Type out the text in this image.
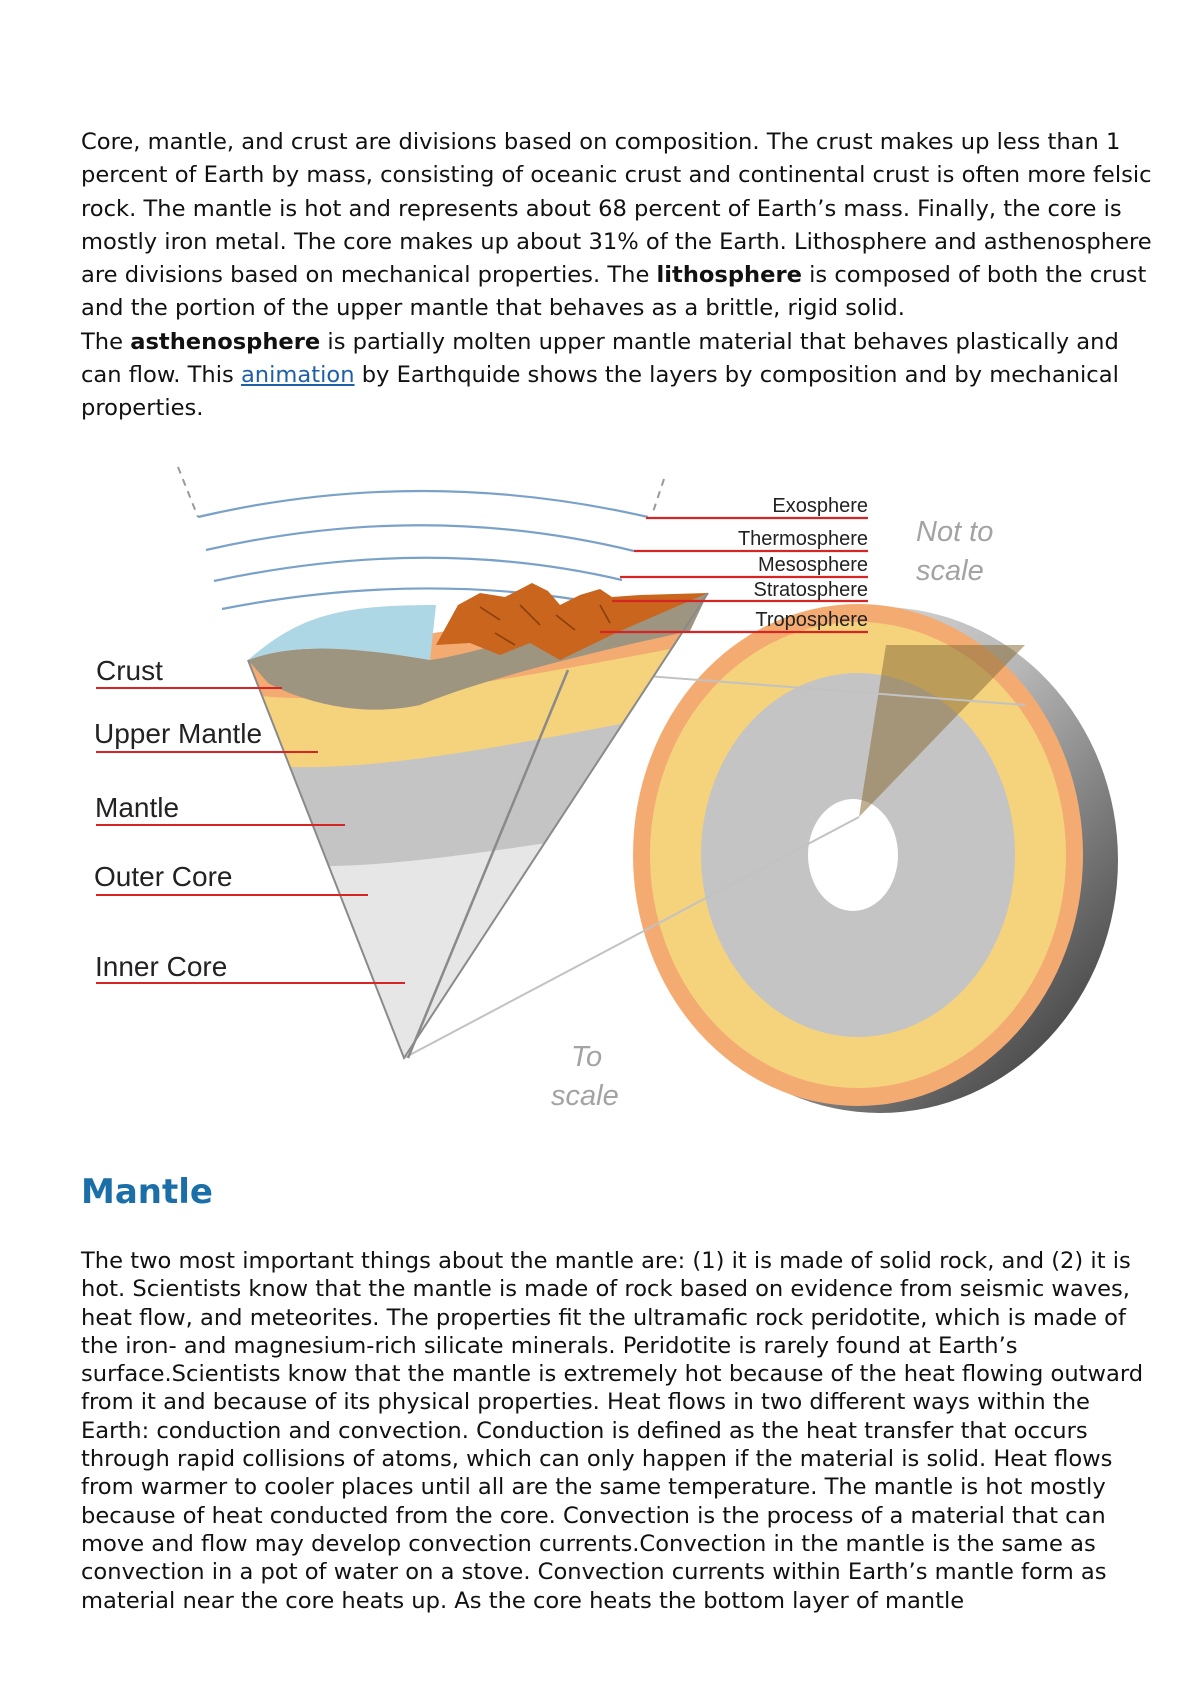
Core, mantle, and crust are divisions based on composition. The crust makes up less than 1 percent of Earth by mass, consisting of oceanic crust and continental crust is often more felsic rock. The mantle is hot and represents about 68 percent of Earth’s mass. Finally, the core is mostly iron metal. The core makes up about 31% of the Earth. Lithosphere and asthenosphere are divisions based on mechanical properties. The lithosphere is composed of both the crust and the portion of the upper mantle that behaves as a brittle, rigid solid.
The asthenosphere is partially molten upper mantle material that behaves plastically and can flow. This animation by Earthquide shows the layers by composition and by mechanical properties.

Exosphere
Thermosphere
Mesosphere
Stratosphere
Troposphere
Crust
Upper Mantle
Mantle
Outer Core
Inner Core
Not to
scale
To
scale
Mantle

The two most important things about the mantle are: (1) it is made of solid rock, and (2) it is hot. Scientists know that the mantle is made of rock based on evidence from seismic waves, heat flow, and meteorites. The properties fit the ultramafic rock peridotite, which is made of the iron- and magnesium-rich silicate minerals. Peridotite is rarely found at Earth’s surface.Scientists know that the mantle is extremely hot because of the heat flowing outward from it and because of its physical properties. Heat flows in two different ways within the Earth: conduction and convection. Conduction is defined as the heat transfer that occurs through rapid collisions of atoms, which can only happen if the material is solid. Heat flows from warmer to cooler places until all are the same temperature. The mantle is hot mostly because of heat conducted from the core. Convection is the process of a material that can move and flow may develop convection currents.Convection in the mantle is the same as convection in a pot of water on a stove. Convection currents within Earth’s mantle form as material near the core heats up. As the core heats the bottom layer of mantle
